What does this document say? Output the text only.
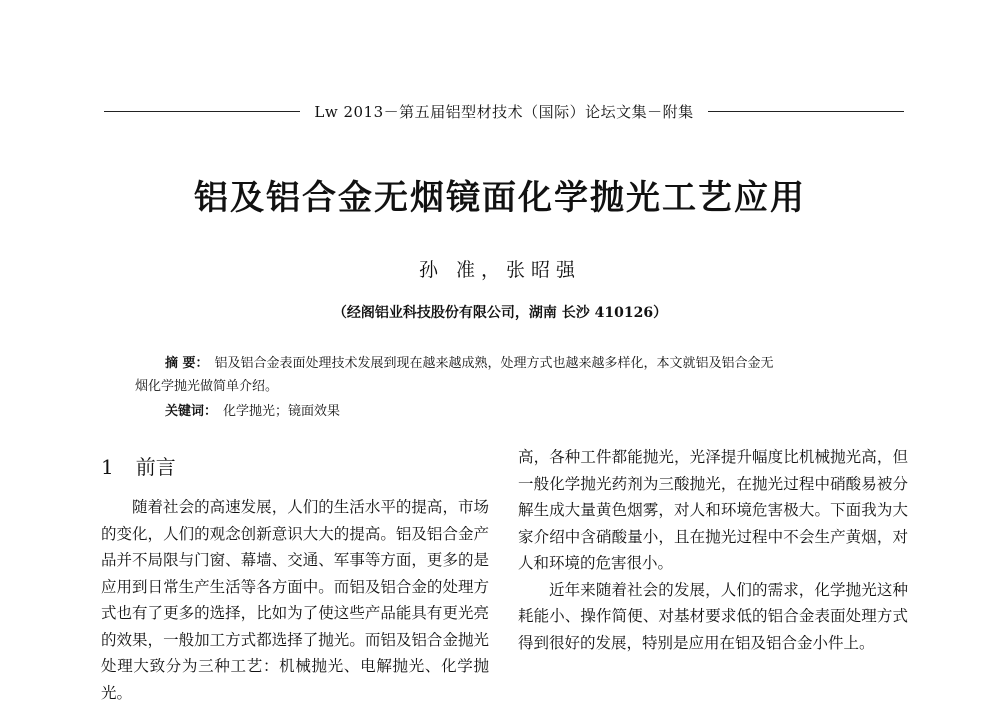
Lw 2013－第五届铝型材技术（国际）论坛文集－附集
铝及铝合金无烟镜面化学抛光工艺应用
孙 准，张昭强
（经阁铝业科技股份有限公司，湖南 长沙 410126）
摘 要： 铝及铝合金表面处理技术发展到现在越来越成熟，处理方式也越来越多样化，本文就铝及铝合金无
烟化学抛光做简单介绍。
关键词： 化学抛光；镜面效果
1 前言

随着社会的高速发展，人们的生活水平的提高，市场的变化，人们的观念创新意识大大的提高。铝及铝合金产品并不局限与门窗、幕墙、交通、军事等方面，更多的是应用到日常生产生活等各方面中。而铝及铝合金的处理方式也有了更多的选择，比如为了使这些产品能具有更光亮的效果，一般加工方式都选择了抛光。而铝及铝合金抛光处理大致分为三种工艺：机械抛光、电解抛光、化学抛光。

高，各种工件都能抛光，光泽提升幅度比机械抛光高，但一般化学抛光药剂为三酸抛光，在抛光过程中硝酸易被分解生成大量黄色烟雾，对人和环境危害极大。下面我为大家介绍中含硝酸量小，且在抛光过程中不会生产黄烟，对人和环境的危害很小。

近年来随着社会的发展，人们的需求，化学抛光这种耗能小、操作简便、对基材要求低的铝合金表面处理方式得到很好的发展，特别是应用在铝及铝合金小件上。
